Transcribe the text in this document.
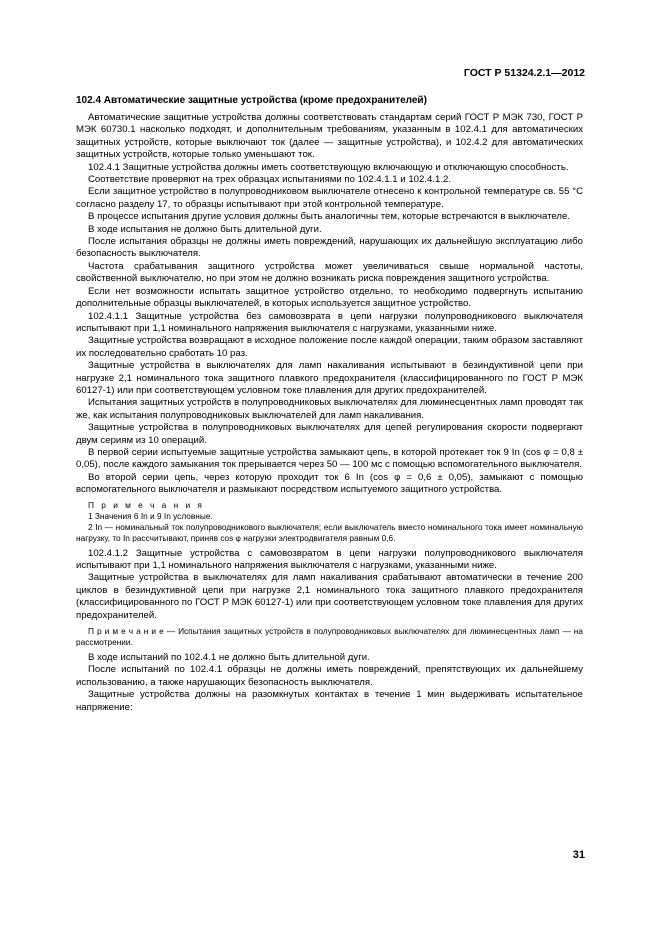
ГОСТ Р 51324.2.1—2012
102.4 Автоматические защитные устройства (кроме предохранителей)

Автоматические защитные устройства должны соответствовать стандартам серий ГОСТ Р МЭК 730, ГОСТ Р МЭК 60730.1 насколько подходят, и дополнительным требованиям, указанным в 102.4.1 для автоматических защитных устройств, которые выключают ток (далее — защитные устройства), и 102.4.2 для автоматических защитных устройств, которые только уменьшают ток.

102.4.1 Защитные устройства должны иметь соответствующую включающую и отключающую способность.

Соответствие проверяют на трех образцах испытаниями по 102.4.1.1 и 102.4.1.2.

Если защитное устройство в полупроводниковом выключателе отнесено к контрольной температуре св. 55 °С согласно разделу 17, то образцы испытывают при этой контрольной температуре.

В процессе испытания другие условия должны быть аналогичны тем, которые встречаются в выключателе.

В ходе испытания не должно быть длительной дуги.

После испытания образцы не должны иметь повреждений, нарушающих их дальнейшую эксплуатацию либо безопасность выключателя.

Частота срабатывания защитного устройства может увеличиваться свыше нормальной частоты, свойственной выключателю, но при этом не должно возникать риска повреждения защитного устройства.

Если нет возможности испытать защитное устройство отдельно, то необходимо подвергнуть испытанию дополнительные образцы выключателей, в которых используется защитное устройство.

102.4.1.1 Защитные устройства без самовозврата в цепи нагрузки полупроводникового выключателя испытывают при 1,1 номинального напряжения выключателя с нагрузками, указанными ниже.

Защитные устройства возвращают в исходное положение после каждой операции, таким образом заставляют их последовательно сработать 10 раз.

Защитные устройства в выключателях для ламп накаливания испытывают в безиндуктивной цепи при нагрузке 2,1 номинального тока защитного плавкого предохранителя (классифицированного по ГОСТ Р МЭК 60127-1) или при соответствующем условном токе плавления для других предохранителей.

Испытания защитных устройств в полупроводниковых выключателях для люминесцентных ламп проводят так же, как испытания полупроводниковых выключателей для ламп накаливания.

Защитные устройства в полупроводниковых выключателях для цепей регулирования скорости подвергают двум сериям из 10 операций.

В первой серии испытуемые защитные устройства замыкают цепь, в которой протекает ток 9 In (cos φ = 0,8 ± 0,05), после каждого замыкания ток прерывается через 50 — 100 мс с помощью вспомогательного выключателя.

Во второй серии цепь, через которую проходит ток 6 In (cos φ = 0,6 ± 0,05), замыкают с помощью вспомогательного выключателя и размыкают посредством испытуемого защитного устройства.

П р и м е ч а н и я

1 Значения 6 In и 9 In условные.

2 In — номинальный ток полупроводникового выключателя; если выключатель вместо номинального тока имеет номинальную нагрузку, то In рассчитывают, приняв cos φ нагрузки электродвигателя равным 0,6.

102.4.1.2 Защитные устройства с самовозвратом в цепи нагрузки полупроводникового выключателя испытывают при 1,1 номинального напряжения выключателя с нагрузками, указанными ниже.

Защитные устройства в выключателях для ламп накаливания срабатывают автоматически в течение 200 циклов в безиндуктивной цепи при нагрузке 2,1 номинального тока защитного плавкого предохранителя (классифицированного по ГОСТ Р МЭК 60127-1) или при соответствующем условном токе плавления для других предохранителей.

П р и м е ч а н и е — Испытания защитных устройств в полупроводниковых выключателях для люминесцентных ламп — на рассмотрении.

В ходе испытаний по 102.4.1 не должно быть длительной дуги.

После испытаний по 102.4.1 образцы не должны иметь повреждений, препятствующих их дальнейшему использованию, а также нарушающих безопасность выключателя.

Защитные устройства должны на разомкнутых контактах в течение 1 мин выдерживать испытательное напряжение:

31
